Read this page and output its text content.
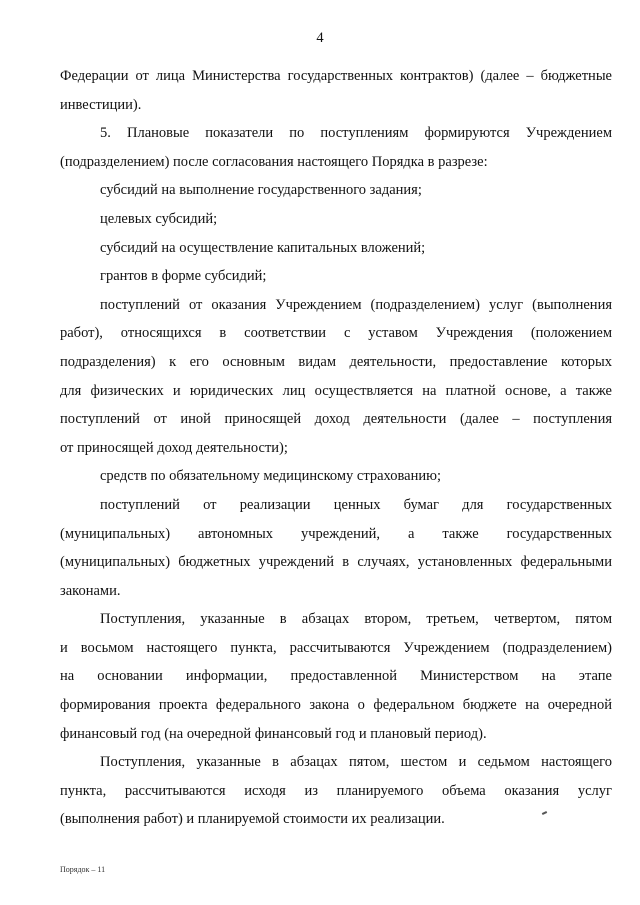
4

Федерации от лица Министерства государственных контрактов) (далее – бюджетные

инвестиции).

5. Плановые показатели по поступлениям формируются Учреждением

(подразделением) после согласования настоящего Порядка в разрезе:

субсидий на выполнение государственного задания;

целевых субсидий;

субсидий на осуществление капитальных вложений;

грантов в форме субсидий;

поступлений от оказания Учреждением (подразделением) услуг (выполнения

работ), относящихся в соответствии с уставом Учреждения (положением

подразделения) к его основным видам деятельности, предоставление которых

для физических и юридических лиц осуществляется на платной основе, а также

поступлений от иной приносящей доход деятельности (далее – поступления

от приносящей доход деятельности);

средств по обязательному медицинскому страхованию;

поступлений от реализации ценных бумаг для государственных

(муниципальных) автономных учреждений, а также государственных

(муниципальных) бюджетных учреждений в случаях, установленных федеральными

законами.

Поступления, указанные в абзацах втором, третьем, четвертом, пятом

и восьмом настоящего пункта, рассчитываются Учреждением (подразделением)

на основании информации, предоставленной Министерством на этапе

формирования проекта федерального закона о федеральном бюджете на очередной

финансовый год (на очередной финансовый год и плановый период).

Поступления, указанные в абзацах пятом, шестом и седьмом настоящего

пункта, рассчитываются исходя из планируемого объема оказания услуг

(выполнения работ) и планируемой стоимости их реализации.

Порядок – 11
